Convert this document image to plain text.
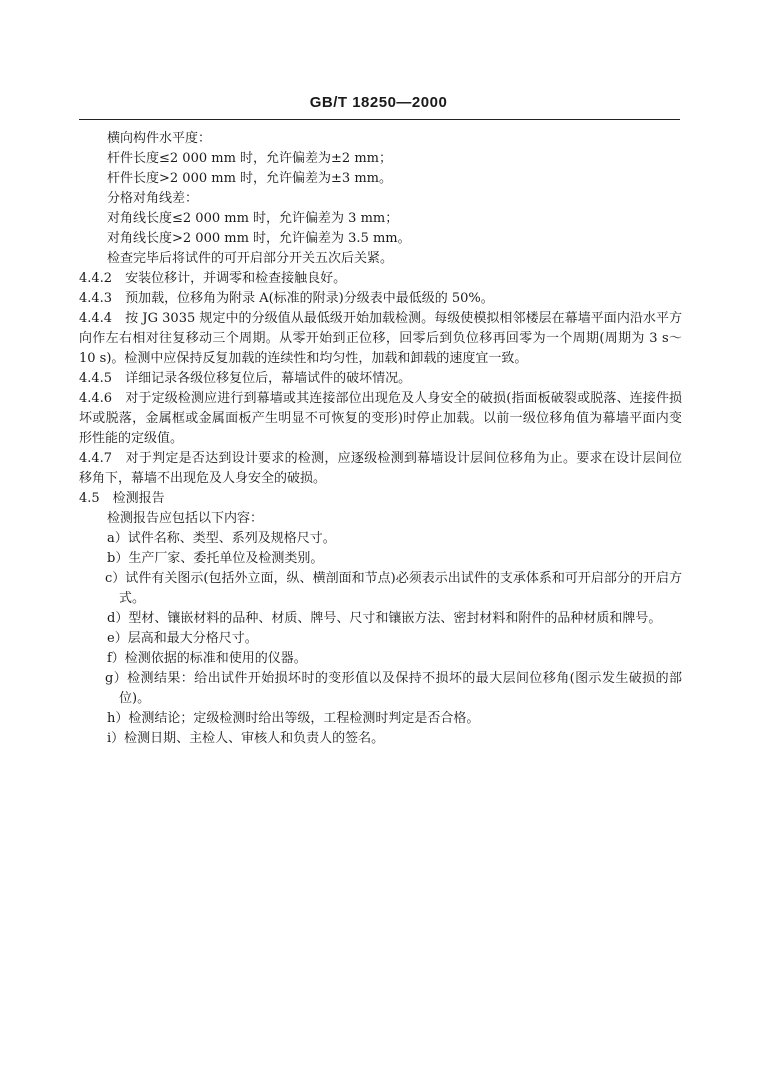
GB/T 18250—2000
横向构件水平度：
杆件长度≤2 000 mm 时，允许偏差为±2 mm；
杆件长度>2 000 mm 时，允许偏差为±3 mm。
分格对角线差：
对角线长度≤2 000 mm 时，允许偏差为 3 mm；
对角线长度>2 000 mm 时，允许偏差为 3.5 mm。
检查完毕后将试件的可开启部分开关五次后关紧。
4.4.2　安装位移计，并调零和检查接触良好。
4.4.3　预加载，位移角为附录 A(标准的附录)分级表中最低级的 50%。
4.4.4　按 JG 3035 规定中的分级值从最低级开始加载检测。每级使模拟相邻楼层在幕墙平面内沿水平方向作左右相对往复移动三个周期。从零开始到正位移，回零后到负位移再回零为一个周期(周期为 3 s～10 s)。检测中应保持反复加载的连续性和均匀性，加载和卸载的速度宜一致。
4.4.5　详细记录各级位移复位后，幕墙试件的破坏情况。
4.4.6　对于定级检测应进行到幕墙或其连接部位出现危及人身安全的破损(指面板破裂或脱落、连接件损坏或脱落，金属框或金属面板产生明显不可恢复的变形)时停止加载。以前一级位移角值为幕墙平面内变形性能的定级值。
4.4.7　对于判定是否达到设计要求的检测，应逐级检测到幕墙设计层间位移角为止。要求在设计层间位移角下，幕墙不出现危及人身安全的破损。
4.5　检测报告
检测报告应包括以下内容：
a）试件名称、类型、系列及规格尺寸。
b）生产厂家、委托单位及检测类别。
c）试件有关图示(包括外立面，纵、横剖面和节点)必须表示出试件的支承体系和可开启部分的开启方式。
d）型材、镶嵌材料的品种、材质、牌号、尺寸和镶嵌方法、密封材料和附件的品种材质和牌号。
e）层高和最大分格尺寸。
f）检测依据的标准和使用的仪器。
g）检测结果：给出试件开始损坏时的变形值以及保持不损坏的最大层间位移角(图示发生破损的部位)。
h）检测结论；定级检测时给出等级，工程检测时判定是否合格。
i）检测日期、主检人、审核人和负责人的签名。
